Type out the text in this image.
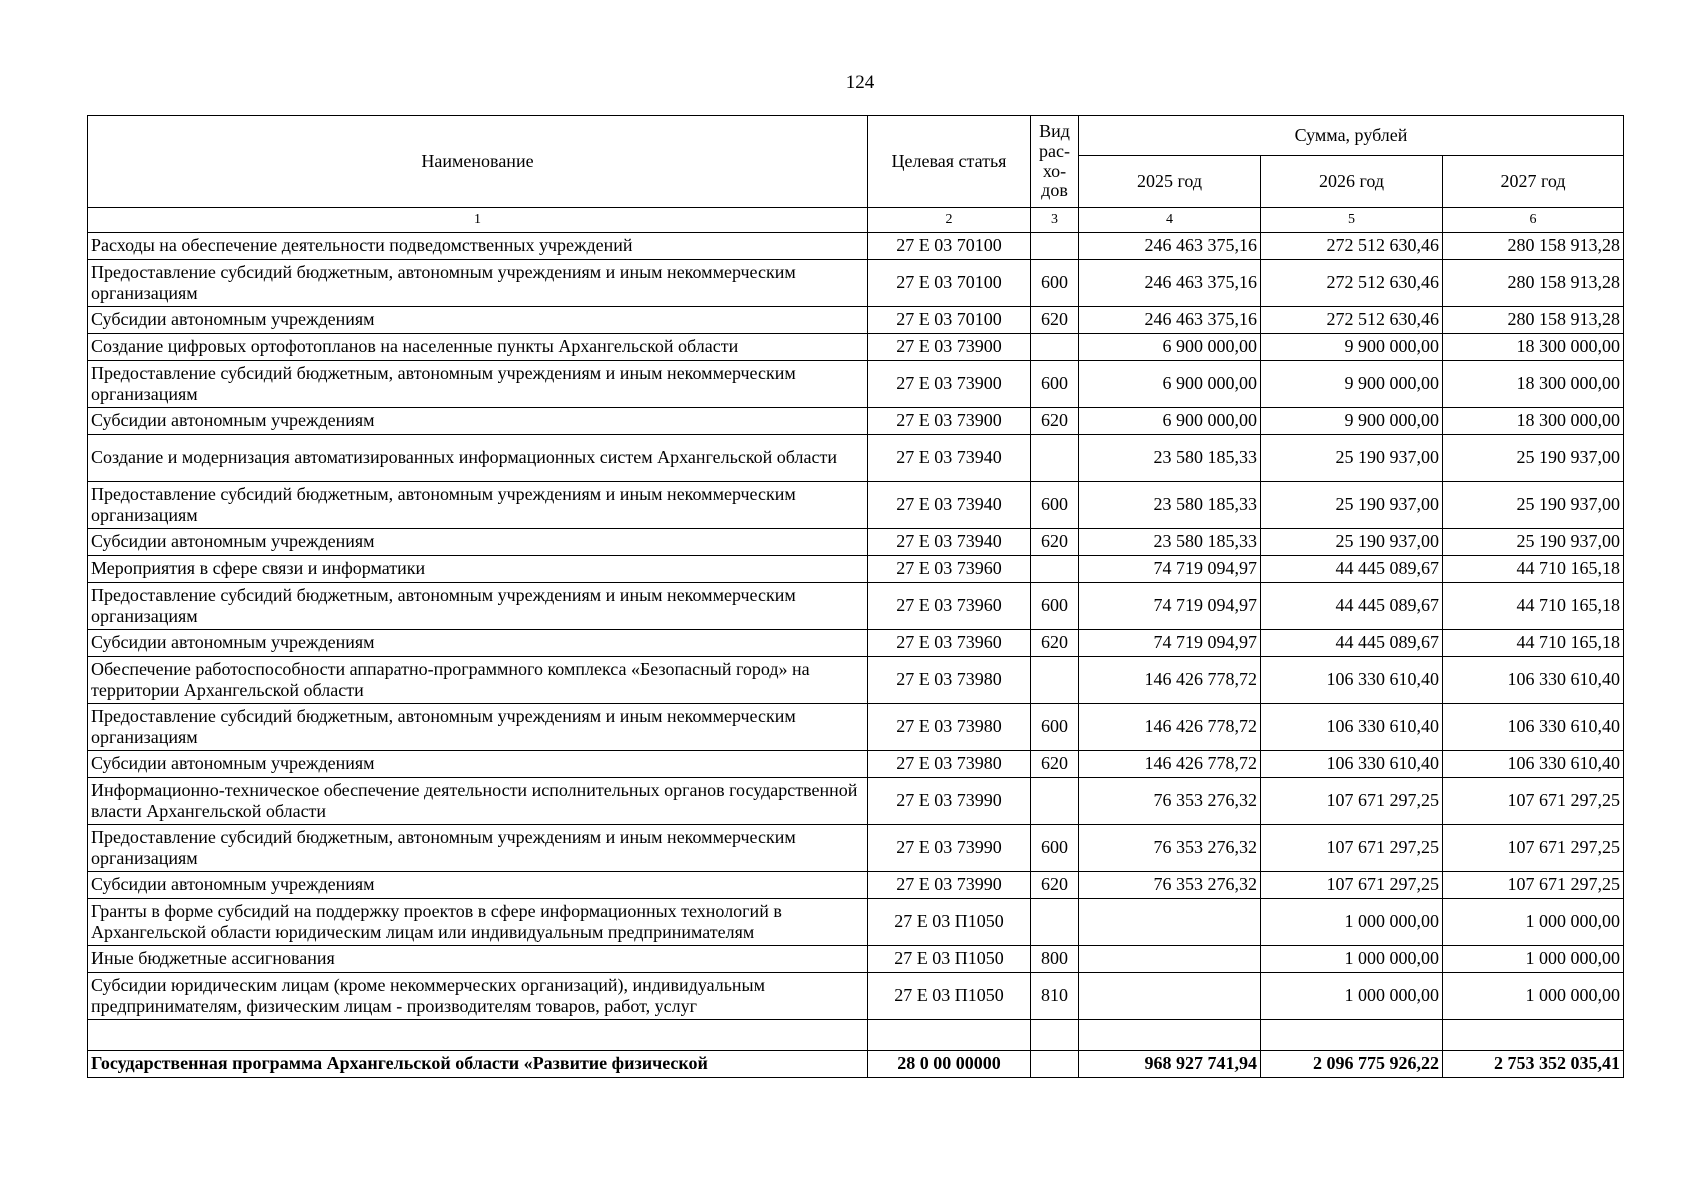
124
Наименование	Целевая статья	Вид рас-хо-дов	Сумма, рублей		
			2025 год	2026 год	2027 год
1	2	3	4	5	6
Расходы на обеспечение деятельности подведомственных учреждений	27 Е 03 70100		246 463 375,16	272 512 630,46	280 158 913,28
Предоставление субсидий бюджетным, автономным учреждениям и иным некоммерческим организациям	27 Е 03 70100	600	246 463 375,16	272 512 630,46	280 158 913,28
Субсидии автономным учреждениям	27 Е 03 70100	620	246 463 375,16	272 512 630,46	280 158 913,28
Создание цифровых ортофотопланов на населенные пункты Архангельской области	27 Е 03 73900		6 900 000,00	9 900 000,00	18 300 000,00
Предоставление субсидий бюджетным, автономным учреждениям и иным некоммерческим организациям	27 Е 03 73900	600	6 900 000,00	9 900 000,00	18 300 000,00
Субсидии автономным учреждениям	27 Е 03 73900	620	6 900 000,00	9 900 000,00	18 300 000,00
Создание и модернизация автоматизированных информационных систем Архангельской области	27 Е 03 73940		23 580 185,33	25 190 937,00	25 190 937,00
Предоставление субсидий бюджетным, автономным учреждениям и иным некоммерческим организациям	27 Е 03 73940	600	23 580 185,33	25 190 937,00	25 190 937,00
Субсидии автономным учреждениям	27 Е 03 73940	620	23 580 185,33	25 190 937,00	25 190 937,00
Мероприятия в сфере связи и информатики	27 Е 03 73960		74 719 094,97	44 445 089,67	44 710 165,18
Предоставление субсидий бюджетным, автономным учреждениям и иным некоммерческим организациям	27 Е 03 73960	600	74 719 094,97	44 445 089,67	44 710 165,18
Субсидии автономным учреждениям	27 Е 03 73960	620	74 719 094,97	44 445 089,67	44 710 165,18
Обеспечение работоспособности аппаратно-программного комплекса «Безопасный город» на территории Архангельской области	27 Е 03 73980		146 426 778,72	106 330 610,40	106 330 610,40
Предоставление субсидий бюджетным, автономным учреждениям и иным некоммерческим организациям	27 Е 03 73980	600	146 426 778,72	106 330 610,40	106 330 610,40
Субсидии автономным учреждениям	27 Е 03 73980	620	146 426 778,72	106 330 610,40	106 330 610,40
Информационно-техническое обеспечение деятельности исполнительных органов государственной власти Архангельской области	27 Е 03 73990		76 353 276,32	107 671 297,25	107 671 297,25
Предоставление субсидий бюджетным, автономным учреждениям и иным некоммерческим организациям	27 Е 03 73990	600	76 353 276,32	107 671 297,25	107 671 297,25
Субсидии автономным учреждениям	27 Е 03 73990	620	76 353 276,32	107 671 297,25	107 671 297,25
Гранты в форме субсидий на поддержку проектов в сфере информационных технологий в Архангельской области юридическим лицам или индивидуальным предпринимателям	27 Е 03 П1050			1 000 000,00	1 000 000,00
Иные бюджетные ассигнования	27 Е 03 П1050	800		1 000 000,00	1 000 000,00
Субсидии юридическим лицам (кроме некоммерческих организаций), индивидуальным предпринимателям, физическим лицам - производителям товаров, работ, услуг	27 Е 03 П1050	810		1 000 000,00	1 000 000,00

Государственная программа Архангельской области «Развитие физической	28 0 00 00000		968 927 741,94	2 096 775 926,22	2 753 352 035,41
